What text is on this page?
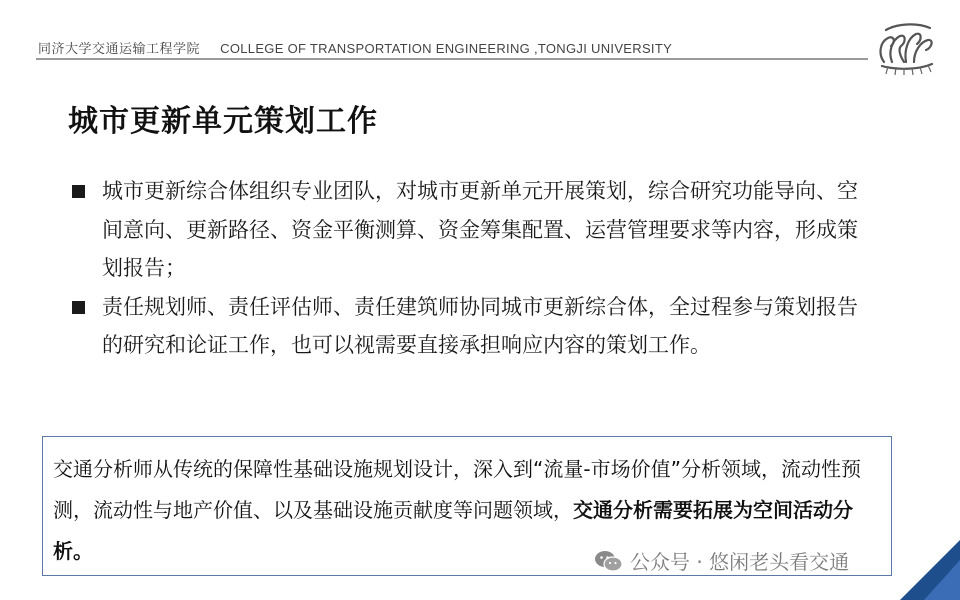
同济大学交通运输工程学院 COLLEGE OF TRANSPORTATION ENGINEERING ,TONGJI UNIVERSITY
城市更新单元策划工作
城市更新综合体组织专业团队，对城市更新单元开展策划，综合研究功能导向、空间意向、更新路径、资金平衡测算、资金筹集配置、运营管理要求等内容，形成策划报告；
责任规划师、责任评估师、责任建筑师协同城市更新综合体，全过程参与策划报告的研究和论证工作，也可以视需要直接承担响应内容的策划工作。
交通分析师从传统的保障性基础设施规划设计，深入到“流量-市场价值”分析领域，流动性预测，流动性与地产价值、以及基础设施贡献度等问题领域，交通分析需要拓展为空间活动分析。	公众号 · 悠闲老头看交通
